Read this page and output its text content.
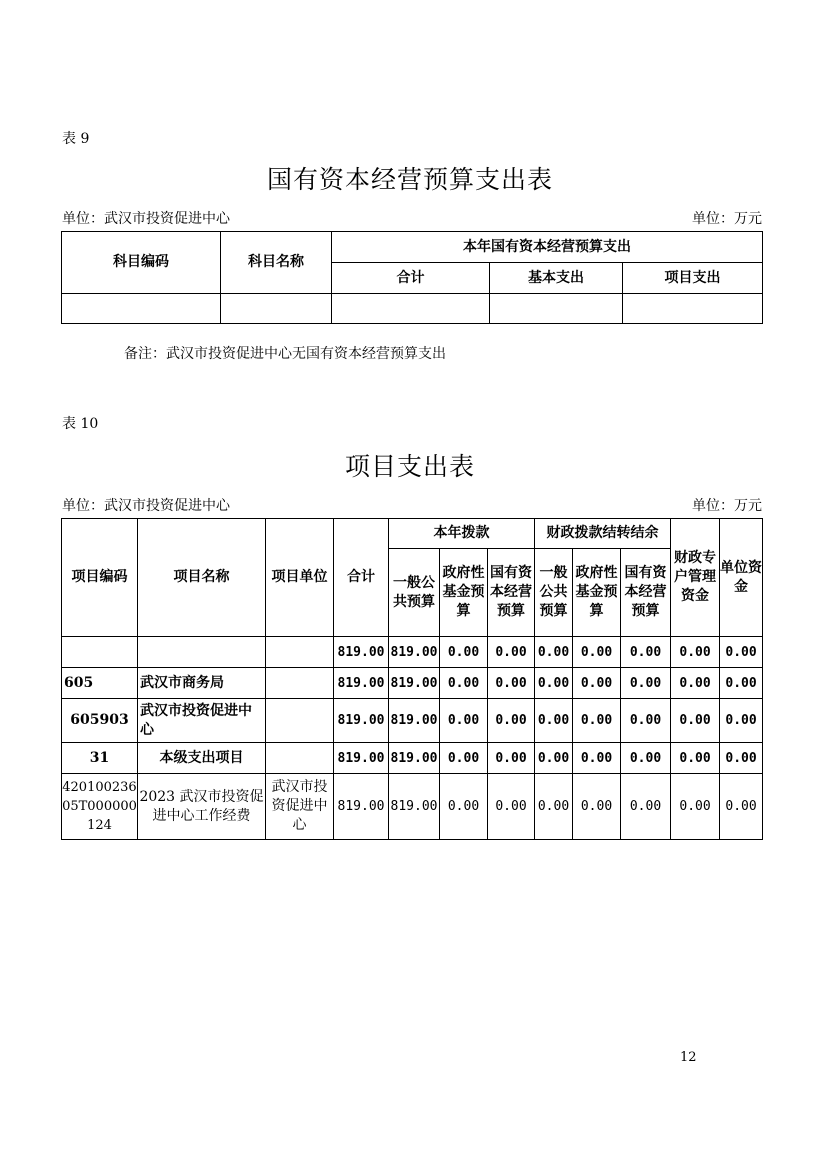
表 9
国有资本经营预算支出表
单位：武汉市投资促进中心	单位：万元
科目编码	科目名称	本年国有资本经营预算支出		
		合计	基本支出	项目支出

备注：武汉市投资促进中心无国有资本经营预算支出
表 10
项目支出表
单位：武汉市投资促进中心	单位：万元
项目编码	项目名称	项目单位	合计	本年拨款			财政拨款结转结余			财政专户管理资金	单位资金
				一般公共预算	政府性基金预算	国有资本经营预算	一般公共预算	政府性基金预算	国有资本经营预算		
			819.00	819.00	0.00	0.00	0.00	0.00	0.00	0.00	0.00
605	武汉市商务局		819.00	819.00	0.00	0.00	0.00	0.00	0.00	0.00	0.00
605903	武汉市投资促进中心		819.00	819.00	0.00	0.00	0.00	0.00	0.00	0.00	0.00
31	本级支出项目		819.00	819.00	0.00	0.00	0.00	0.00	0.00	0.00	0.00
42010023605T000000124	2023 武汉市投资促进中心工作经费	武汉市投资促进中心	819.00	819.00	0.00	0.00	0.00	0.00	0.00	0.00	0.00
12
